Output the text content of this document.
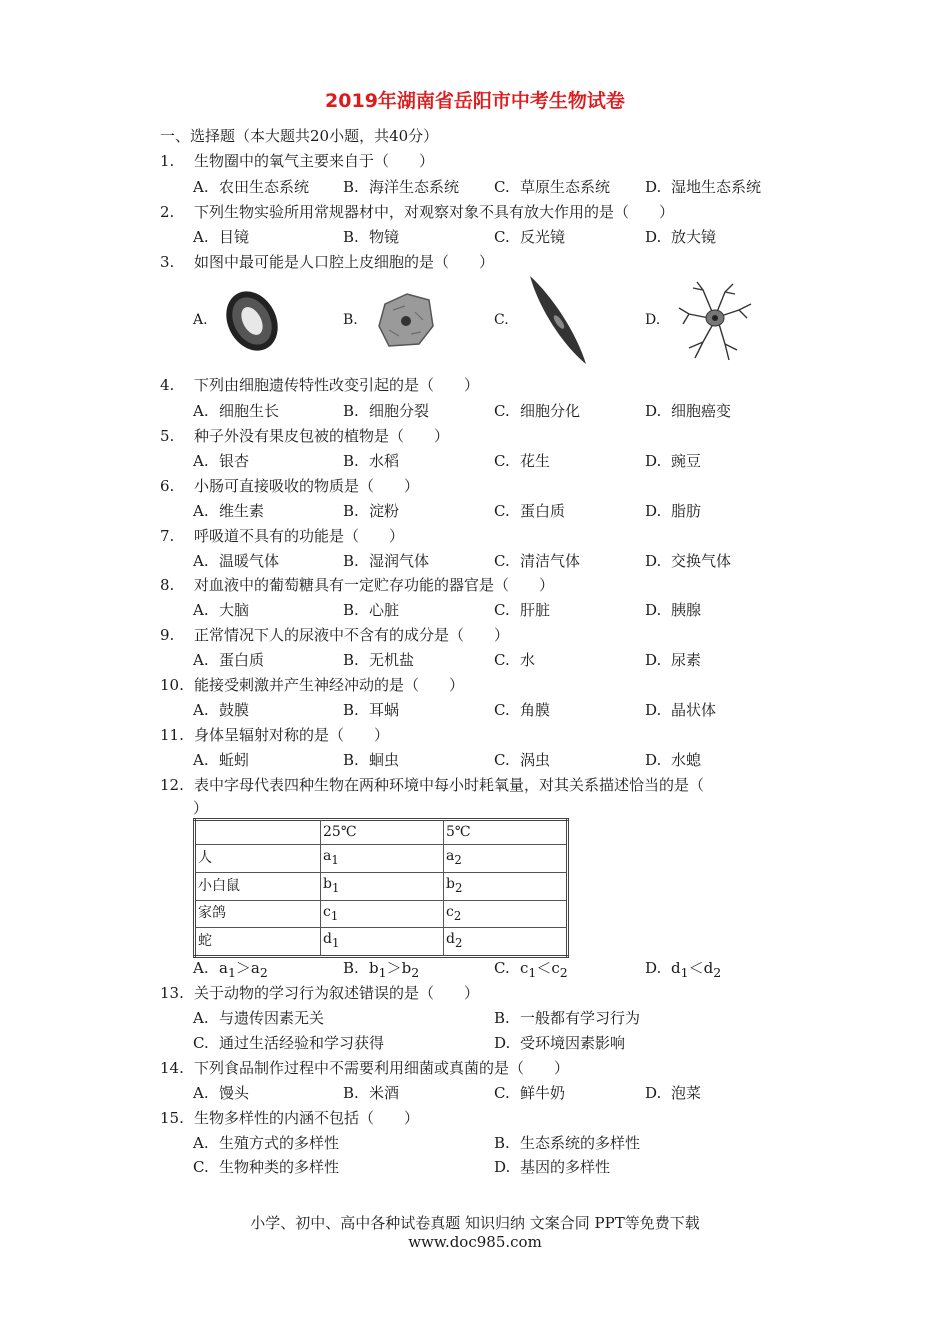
2019年湖南省岳阳市中考生物试卷
一、选择题（本大题共20小题，共40分）
1. 生物圈中的氧气主要来自于（　　）
A. 农田生态系统 B. 海洋生态系统 C. 草原生态系统 D. 湿地生态系统
2. 下列生物实验所用常规器材中，对观察对象不具有放大作用的是（　　）
A. 目镜	B. 物镜	C. 反光镜	D. 放大镜
3. 如图中最可能是人口腔上皮细胞的是（　　）
A.	B.	C.	D.
4. 下列由细胞遗传特性改变引起的是（　　）
A. 细胞生长	B. 细胞分裂	C. 细胞分化	D. 细胞癌变
5. 种子外没有果皮包被的植物是（　　）
A. 银杏	B. 水稻	C. 花生	D. 豌豆
6. 小肠可直接吸收的物质是（　　）
A. 维生素	B. 淀粉	C. 蛋白质	D. 脂肪
7. 呼吸道不具有的功能是（　　）
A. 温暖气体	B. 湿润气体	C. 清洁气体	D. 交换气体
8. 对血液中的葡萄糖具有一定贮存功能的器官是（　　）
A. 大脑	B. 心脏	C. 肝脏	D. 胰腺
9. 正常情况下人的尿液中不含有的成分是（　　）
A. 蛋白质	B. 无机盐	C. 水	D. 尿素
10. 能接受刺激并产生神经冲动的是（　　）
A. 鼓膜	B. 耳蜗	C. 角膜	D. 晶状体
11. 身体呈辐射对称的是（　　）
A. 蚯蚓	B. 蛔虫	C. 涡虫	D. 水螅
12. 表中字母代表四种生物在两种环境中每小时耗氧量，对其关系描述恰当的是（
）
	25℃	5℃
人	$a_1$	$a_2$
小白鼠	$b_1$	$b_2$
家鸽	$c_1$	$c_2$
蛇	$d_1$	$d_2$
A. $a_1>a_2$	B. $b_1>b_2$	C. $c_1<c_2$	D. $d_1<d_2$
13. 关于动物的学习行为叙述错误的是（　　）
A. 与遗传因素无关	B. 一般都有学习行为
C. 通过生活经验和学习获得	D. 受环境因素影响
14. 下列食品制作过程中不需要利用细菌或真菌的是（　　）
A. 馒头	B. 米酒	C. 鲜牛奶	D. 泡菜
15. 生物多样性的内涵不包括（　　）
A. 生殖方式的多样性	B. 生态系统的多样性
C. 生物种类的多样性	D. 基因的多样性
小学、初中、高中各种试卷真题 知识归纳 文案合同 PPT等免费下载
www.doc985.com
